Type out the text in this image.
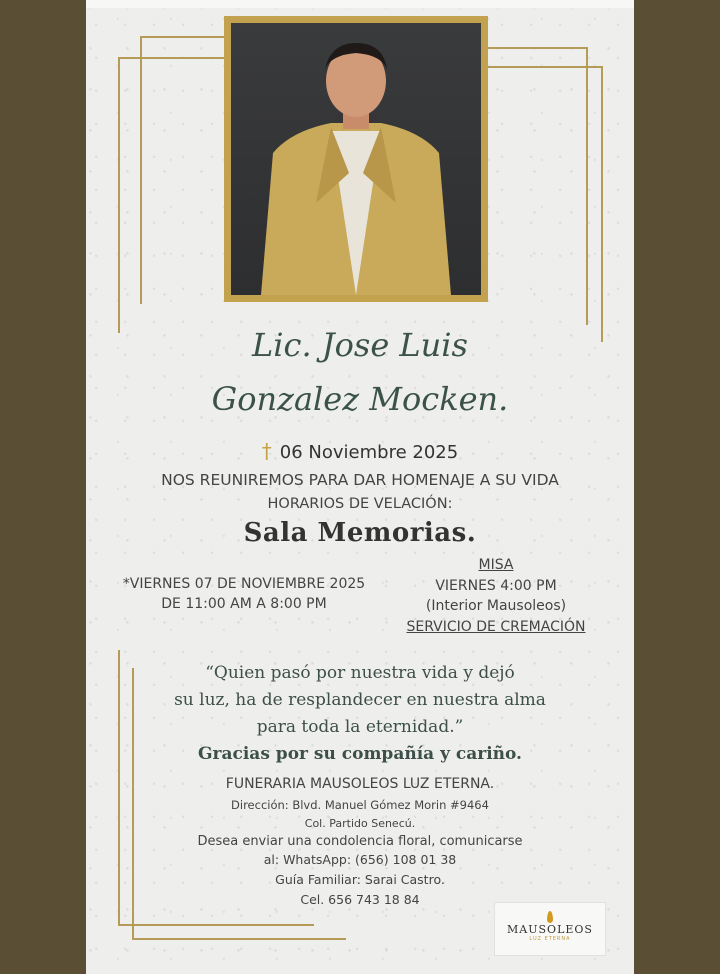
Lic. Jose Luis
Gonzalez Mocken.
† 06 Noviembre 2025
NOS REUNIREMOS PARA DAR HOMENAJE A SU VIDA
HORARIOS DE VELACIÓN:
Sala Memorias.
*VIERNES 07 DE NOVIEMBRE 2025
DE 11:00 AM A 8:00 PM
MISA
VIERNES 4:00 PM
(Interior Mausoleos)
SERVICIO DE CREMACIÓN
“Quien pasó por nuestra vida y dejó
su luz, ha de resplandecer en nuestra alma
para toda la eternidad.”
Gracias por su compañía y cariño.
FUNERARIA MAUSOLEOS LUZ ETERNA.
Dirección: Blvd. Manuel Gómez Morin #9464
Col. Partido Senecú.
Desea enviar una condolencia floral, comunicarse
al: WhatsApp: (656) 108 01 38
Guía Familiar: Sarai Castro.
Cel. 656 743 18 84
MAUSOLEOS
LUZ ETERNA
